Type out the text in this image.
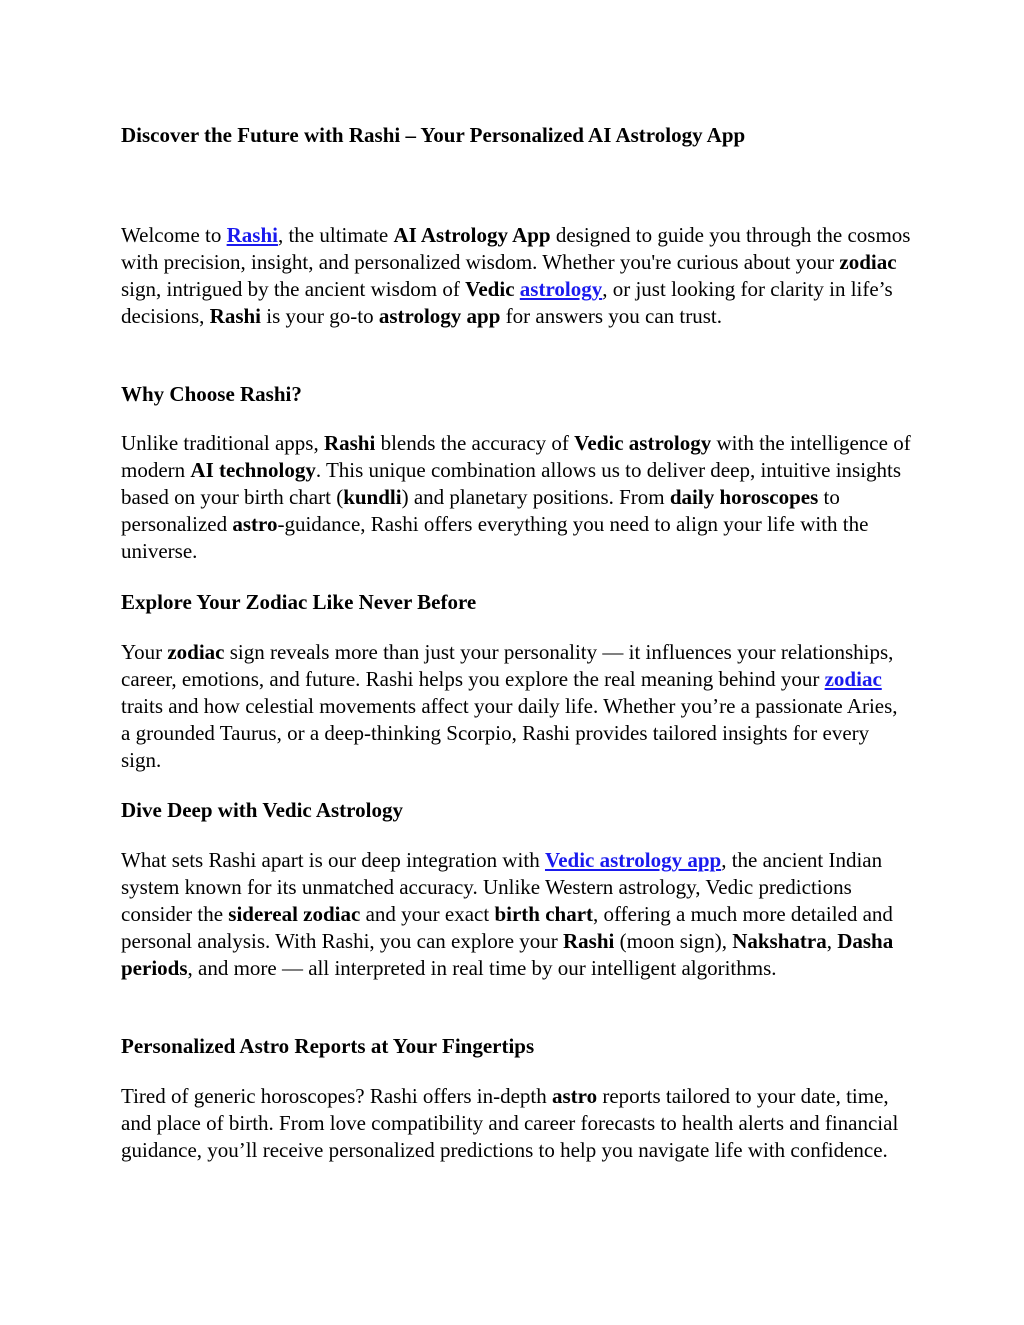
Discover the Future with Rashi – Your Personalized AI Astrology App

Welcome to Rashi, the ultimate AI Astrology App designed to guide you through the cosmos with precision, insight, and personalized wisdom. Whether you're curious about your zodiac sign, intrigued by the ancient wisdom of Vedic astrology, or just looking for clarity in life’s decisions, Rashi is your go-to astrology app for answers you can trust.

Why Choose Rashi?

Unlike traditional apps, Rashi blends the accuracy of Vedic astrology with the intelligence of modern AI technology. This unique combination allows us to deliver deep, intuitive insights based on your birth chart (kundli) and planetary positions. From daily horoscopes to personalized astro-guidance, Rashi offers everything you need to align your life with the universe.

Explore Your Zodiac Like Never Before

Your zodiac sign reveals more than just your personality — it influences your relationships, career, emotions, and future. Rashi helps you explore the real meaning behind your zodiac traits and how celestial movements affect your daily life. Whether you’re a passionate Aries, a grounded Taurus, or a deep-thinking Scorpio, Rashi provides tailored insights for every sign.

Dive Deep with Vedic Astrology

What sets Rashi apart is our deep integration with Vedic astrology app, the ancient Indian system known for its unmatched accuracy. Unlike Western astrology, Vedic predictions consider the sidereal zodiac and your exact birth chart, offering a much more detailed and personal analysis. With Rashi, you can explore your Rashi (moon sign), Nakshatra, Dasha periods, and more — all interpreted in real time by our intelligent algorithms.

Personalized Astro Reports at Your Fingertips

Tired of generic horoscopes? Rashi offers in-depth astro reports tailored to your date, time, and place of birth. From love compatibility and career forecasts to health alerts and financial guidance, you’ll receive personalized predictions to help you navigate life with confidence.
